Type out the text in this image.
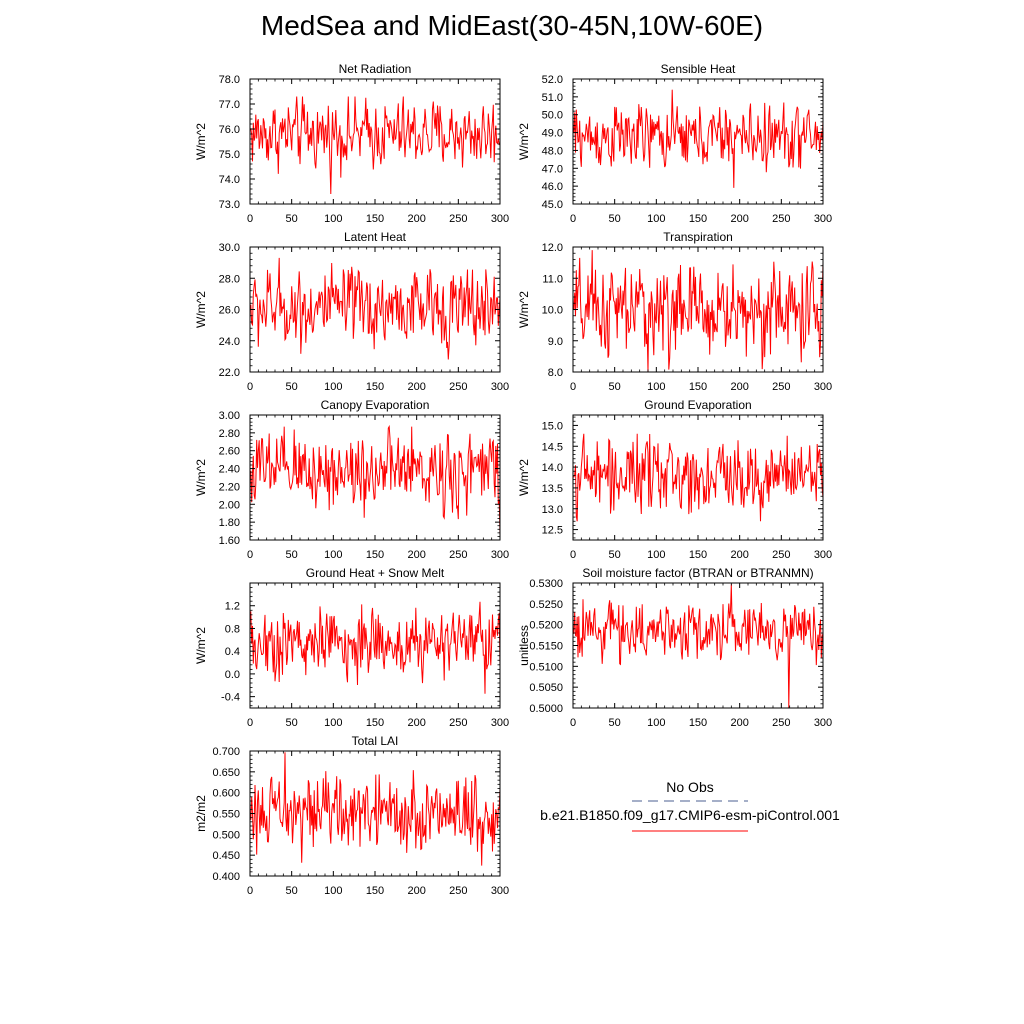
MedSea and MidEast(30-45N,10W-60E)
0	50 100 150 200 250 300
73.0
74.0
75.0
76.0
77.0
78.0
Net Radiation
W/m^2
0	50 100 150 200 250 300
45.0
46.0
47.0
48.0
49.0
50.0
51.0
52.0
Sensible Heat
W/m^2
0	50 100 150 200 250 300
22.0
24.0
26.0
28.0
30.0
Latent Heat
W/m^2
0	50 100 150 200 250 300
8.0
9.0
10.0
11.0
12.0
Transpiration
W/m^2
0	50 100 150 200 250 300
1.60
1.80
2.00
2.20
2.40
2.60
2.80
3.00
Canopy Evaporation
W/m^2
0	50 100 150 200 250 300
12.5
13.0
13.5
14.0
14.5
15.0
Ground Evaporation
W/m^2
0	50 100 150 200 250 300
-0.4
0.0
0.4
0.8
1.2
Ground Heat + Snow Melt
W/m^2
0	50 100 150 200 250 300
0.5000
0.5050
0.5100
0.5150
0.5200
0.5250
0.5300
Soil moisture factor (BTRAN or BTRANMN)
unitless
0	50 100 150 200 250 300
0.400
0.450
0.500
0.550
0.600
0.650
0.700
Total LAI
m2/m2
No Obs
b.e21.B1850.f09_g17.CMIP6-esm-piControl.001
